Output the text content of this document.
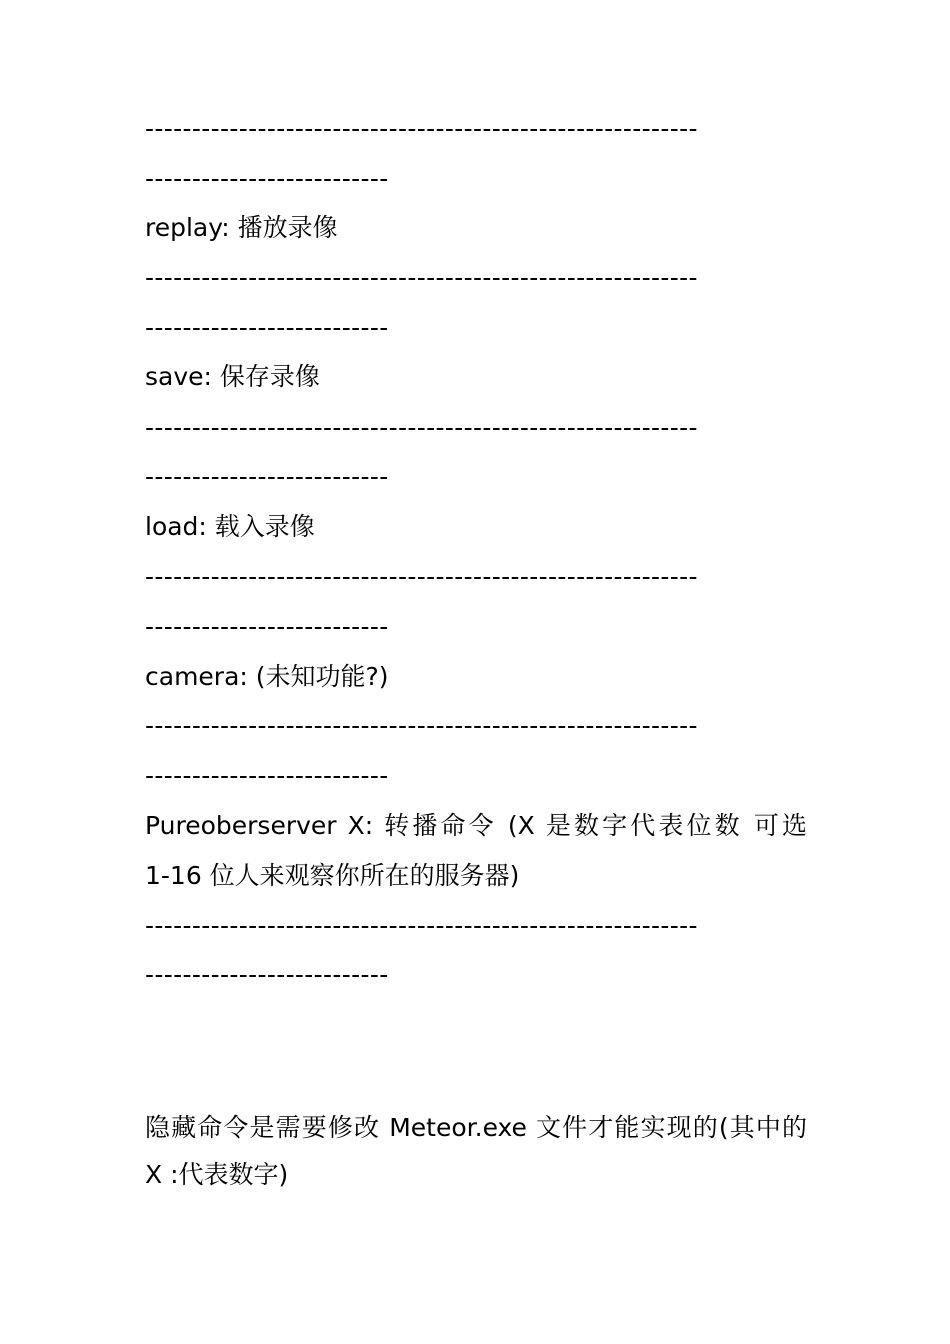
-----------------------------------------------------------
--------------------------
replay: 播放录像
-----------------------------------------------------------
--------------------------
save: 保存录像
-----------------------------------------------------------
--------------------------
load: 载入录像
-----------------------------------------------------------
--------------------------
camera: (未知功能?)
-----------------------------------------------------------
--------------------------
Pureoberserver X: 转播命令 (X 是数字代表位数 可选
1-16 位人来观察你所在的服务器)
-----------------------------------------------------------
--------------------------
隐藏命令是需要修改 Meteor.exe 文件才能实现的(其中的
X :代表数字)
